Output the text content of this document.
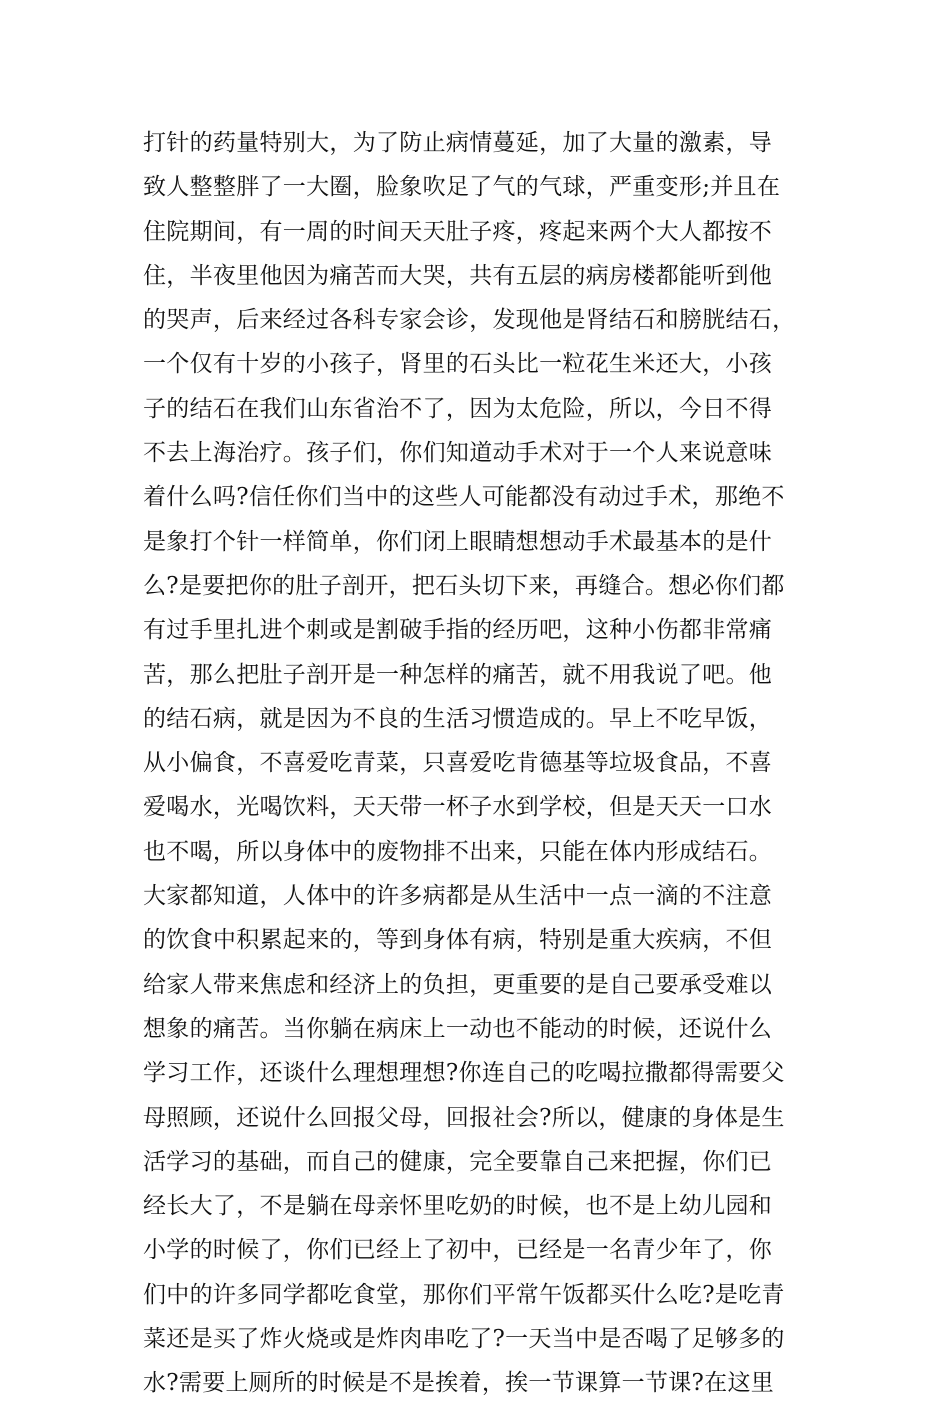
打针的药量特别大，为了防止病情蔓延，加了大量的激素，导
致人整整胖了一大圈，脸象吹足了气的气球，严重变形;并且在
住院期间，有一周的时间天天肚子疼，疼起来两个大人都按不
住，半夜里他因为痛苦而大哭，共有五层的病房楼都能听到他
的哭声，后来经过各科专家会诊，发现他是肾结石和膀胱结石，
一个仅有十岁的小孩子，肾里的石头比一粒花生米还大，小孩
子的结石在我们山东省治不了，因为太危险，所以，今日不得
不去上海治疗。孩子们，你们知道动手术对于一个人来说意味
着什么吗?信任你们当中的这些人可能都没有动过手术，那绝不
是象打个针一样简单，你们闭上眼睛想想动手术最基本的是什
么?是要把你的肚子剖开，把石头切下来，再缝合。想必你们都
有过手里扎进个刺或是割破手指的经历吧，这种小伤都非常痛
苦，那么把肚子剖开是一种怎样的痛苦，就不用我说了吧。他
的结石病，就是因为不良的生活习惯造成的。早上不吃早饭，
从小偏食，不喜爱吃青菜，只喜爱吃肯德基等垃圾食品，不喜
爱喝水，光喝饮料，天天带一杯子水到学校，但是天天一口水
也不喝，所以身体中的废物排不出来，只能在体内形成结石。
大家都知道，人体中的许多病都是从生活中一点一滴的不注意
的饮食中积累起来的，等到身体有病，特别是重大疾病，不但
给家人带来焦虑和经济上的负担，更重要的是自己要承受难以
想象的痛苦。当你躺在病床上一动也不能动的时候，还说什么
学习工作，还谈什么理想理想?你连自己的吃喝拉撒都得需要父
母照顾，还说什么回报父母，回报社会?所以，健康的身体是生
活学习的基础，而自己的健康，完全要靠自己来把握，你们已
经长大了，不是躺在母亲怀里吃奶的时候，也不是上幼儿园和
小学的时候了，你们已经上了初中，已经是一名青少年了，你
们中的许多同学都吃食堂，那你们平常午饭都买什么吃?是吃青
菜还是买了炸火烧或是炸肉串吃了?一天当中是否喝了足够多的
水?需要上厕所的时候是不是挨着，挨一节课算一节课?在这里
